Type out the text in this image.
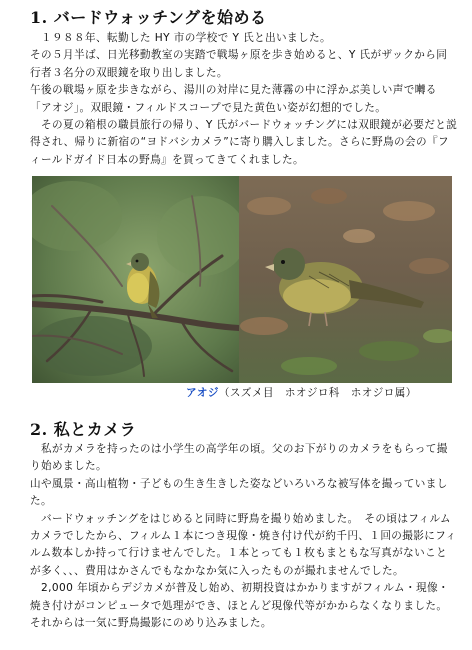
1. バードウォッチングを始める

　１９８８年、転勤した HY 市の学校で Y 氏と出いました。

その５月半ば、日光移動教室の実踏で戦場ヶ原を歩き始めると、Y 氏がザックから同行者３名分の双眼鏡を取り出しました。

午後の戦場ヶ原を歩きながら、湯川の対岸に見た薄霧の中に浮かぶ美しい声で囀る「アオジ」。双眼鏡・フィルドスコープで見た黄色い姿が幻想的でした。

　その夏の箱根の職員旅行の帰り、Y 氏がバードウォッチングには双眼鏡が必要だと説得され、帰りに新宿の“ヨドバシカメラ”に寄り購入しました。さらに野鳥の会の『フィールドガイド日本の野鳥』を買ってきてくれました。

アオジ（スズメ目　ホオジロ科　ホオジロ属）
2. 私とカメラ

　私がカメラを持ったのは小学生の高学年の頃。父のお下がりのカメラをもらって撮り始めました。

山や風景・高山植物・子どもの生き生きした姿などいろいろな被写体を撮っていました。

　バードウォッチングをはじめると同時に野鳥を撮り始めました。　その頃はフィルムカメラでしたから、フィルム１本につき現像・焼き付け代が約千円、１回の撮影にフィルム数本しか持って行けませんでした。１本とっても１枚もまともな写真がないことが多く、、、費用はかさんでもなかなか気に入ったものが撮れませんでした。

　2,000 年頃からデジカメが普及し始め、初期投資はかかりますがフィルム・現像・焼き付けがコンピュータで処理ができ、ほとんど現像代等がかからなくなりました。　それからは一気に野鳥撮影にのめり込みました。
